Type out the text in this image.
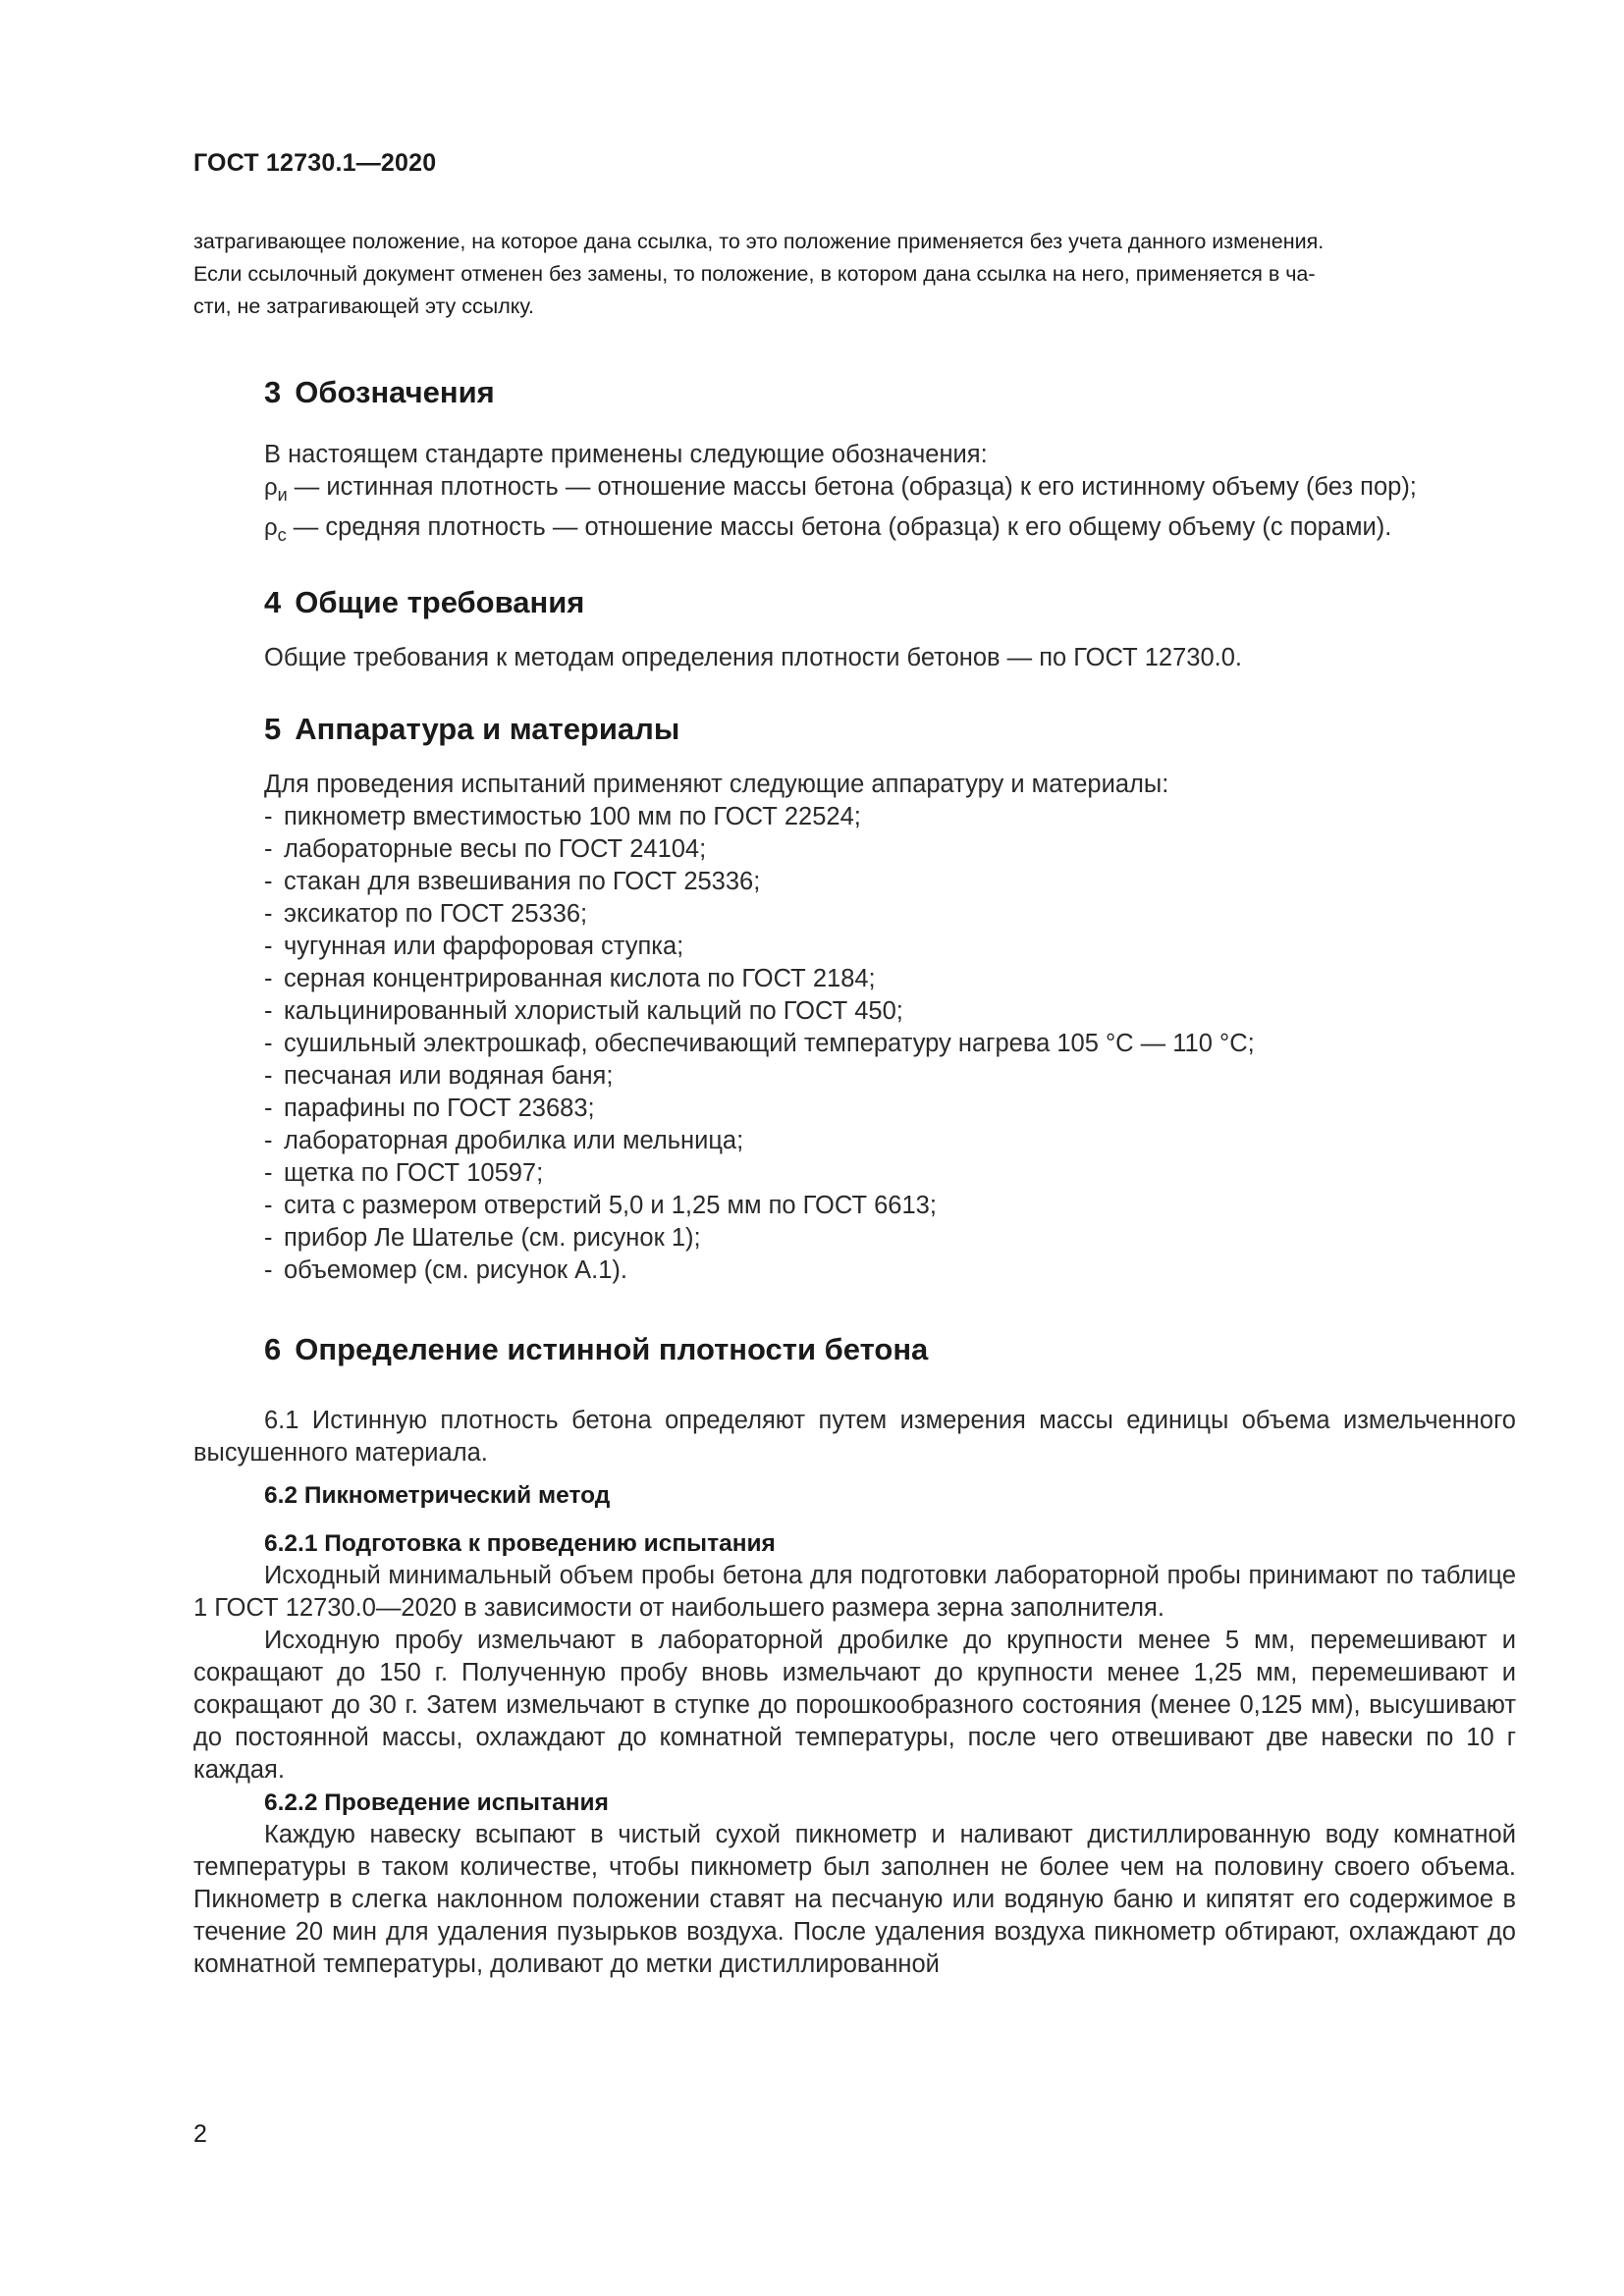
ГОСТ 12730.1—2020

затрагивающее положение, на которое дана ссылка, то это положение применяется без учета данного изменения.

Если ссылочный документ отменен без замены, то положение, в котором дана ссылка на него, применяется в ча-

сти, не затрагивающей эту ссылку.

3 Обозначения
В настоящем стандарте применены следующие обозначения:
$\rho_и$ — истинная плотность — отношение массы бетона (образца) к его истинному объему (без пор);
$\rho_c$ — средняя плотность — отношение массы бетона (образца) к его общему объему (с порами).
4 Общие требования
Общие требования к методам определения плотности бетонов — по ГОСТ 12730.0.
5 Аппаратура и материалы
Для проведения испытаний применяют следующие аппаратуру и материалы:
- пикнометр вместимостью 100 мм по ГОСТ 22524;
- лабораторные весы по ГОСТ 24104;
- стакан для взвешивания по ГОСТ 25336;
- эксикатор по ГОСТ 25336;
- чугунная или фарфоровая ступка;
- серная концентрированная кислота по ГОСТ 2184;
- кальцинированный хлористый кальций по ГОСТ 450;
- сушильный электрошкаф, обеспечивающий температуру нагрева 105 °С — 110 °С;
- песчаная или водяная баня;
- парафины по ГОСТ 23683;
- лабораторная дробилка или мельница;
- щетка по ГОСТ 10597;
- сита с размером отверстий 5,0 и 1,25 мм по ГОСТ 6613;
- прибор Ле Шателье (см. рисунок 1);
- объемомер (см. рисунок А.1).
6 Определение истинной плотности бетона

6.1 Истинную плотность бетона определяют путем измерения массы единицы объема измельченного высушенного материала.

6.2 Пикнометрический метод
6.2.1 Подготовка к проведению испытания

Исходный минимальный объем пробы бетона для подготовки лабораторной пробы принимают по таблице 1 ГОСТ 12730.0—2020 в зависимости от наибольшего размера зерна заполнителя.

Исходную пробу измельчают в лабораторной дробилке до крупности менее 5 мм, перемешивают и сокращают до 150 г. Полученную пробу вновь измельчают до крупности менее 1,25 мм, перемешивают и сокращают до 30 г. Затем измельчают в ступке до порошкообразного состояния (менее 0,125 мм), высушивают до постоянной массы, охлаждают до комнатной температуры, после чего отвешивают две навески по 10 г каждая.

6.2.2 Проведение испытания

Каждую навеску всыпают в чистый сухой пикнометр и наливают дистиллированную воду комнатной температуры в таком количестве, чтобы пикнометр был заполнен не более чем на половину своего объема. Пикнометр в слегка наклонном положении ставят на песчаную или водяную баню и кипятят его содержимое в течение 20 мин для удаления пузырьков воздуха. После удаления воздуха пикнометр обтирают, охлаждают до комнатной температуры, доливают до метки дистиллированной

2
